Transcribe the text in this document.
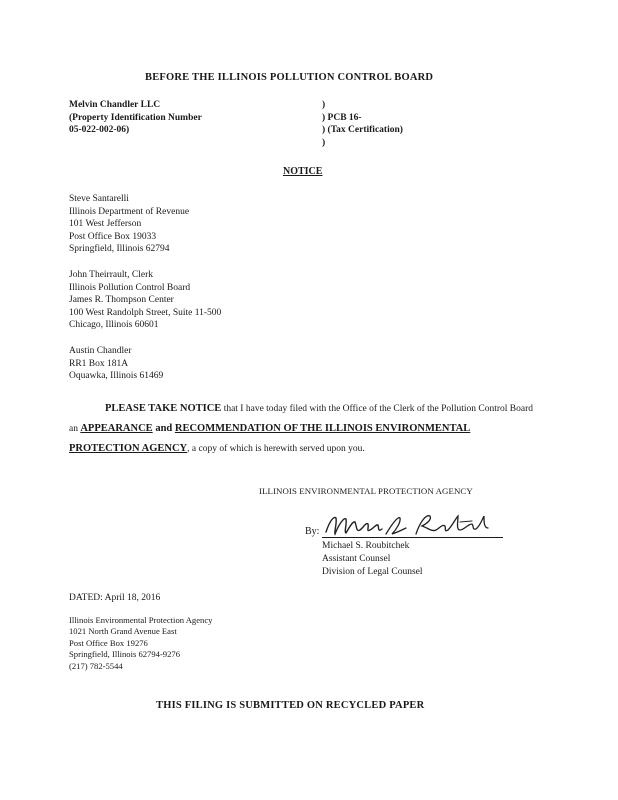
BEFORE THE ILLINOIS POLLUTION CONTROL BOARD
Melvin Chandler LLC
(Property Identification Number
05-022-002-06)
)
) PCB 16-
) (Tax Certification)
)
NOTICE
Steve Santarelli
Illinois Department of Revenue
101 West Jefferson
Post Office Box 19033
Springfield, Illinois 62794
John Theirrault, Clerk
Illinois Pollution Control Board
James R. Thompson Center
100 West Randolph Street, Suite 11-500
Chicago, Illinois 60601
Austin Chandler
RR1 Box 181A
Oquawka, Illinois 61469
PLEASE TAKE NOTICE that I have today filed with the Office of the Clerk of the Pollution Control Board an APPEARANCE and RECOMMENDATION OF THE ILLINOIS ENVIRONMENTAL PROTECTION AGENCY, a copy of which is herewith served upon you.
ILLINOIS ENVIRONMENTAL PROTECTION AGENCY
By:
Michael S. Roubitchek
Assistant Counsel
Division of Legal Counsel
DATED: April 18, 2016
Illinois Environmental Protection Agency
1021 North Grand Avenue East
Post Office Box 19276
Springfield, Illinois 62794-9276
(217) 782-5544
THIS FILING IS SUBMITTED ON RECYCLED PAPER
